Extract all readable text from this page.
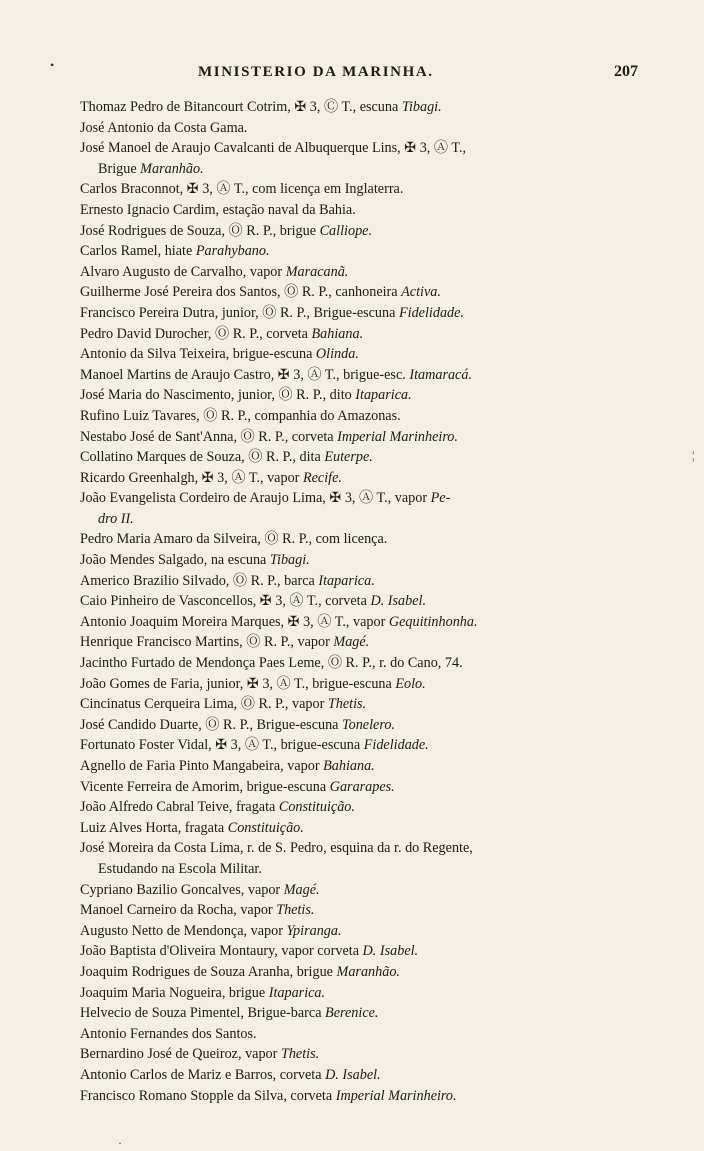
MINISTERIO DA MARINHA.	207
Thomaz Pedro de Bitancourt Cotrim, ✠ 3, Ⓒ T., escuna Tibagi.
José Antonio da Costa Gama.
José Manoel de Araujo Cavalcanti de Albuquerque Lins, ✠ 3, Ⓐ T.,
Brigue Maranhão.
Carlos Braconnot, ✠ 3, Ⓐ T., com licença em Inglaterra.
Ernesto Ignacio Cardim, estação naval da Bahia.
José Rodrigues de Souza, Ⓞ R. P., brigue Calliope.
Carlos Ramel, hiate Parahybano.
Alvaro Augusto de Carvalho, vapor Maracanã.
Guilherme José Pereira dos Santos, Ⓞ R. P., canhoneira Activa.
Francisco Pereira Dutra, junior, Ⓞ R. P., Brigue-escuna Fidelidade.
Pedro David Durocher, Ⓞ R. P., corveta Bahiana.
Antonio da Silva Teixeira, brigue-escuna Olinda.
Manoel Martins de Araujo Castro, ✠ 3, Ⓐ T., brigue-esc. Itamaracá.
José Maria do Nascimento, junior, Ⓞ R. P., dito Itaparica.
Rufino Luiz Tavares, Ⓞ R. P., companhia do Amazonas.
Nestabo José de Sant'Anna, Ⓞ R. P., corveta Imperial Marinheiro.
Collatino Marques de Souza, Ⓞ R. P., dita Euterpe.
Ricardo Greenhalgh, ✠ 3, Ⓐ T., vapor Recife.
João Evangelista Cordeiro de Araujo Lima, ✠ 3, Ⓐ T., vapor Pe-
dro II.
Pedro Maria Amaro da Silveira, Ⓞ R. P., com licença.
João Mendes Salgado, na escuna Tibagi.
Americo Brazilio Silvado, Ⓞ R. P., barca Itaparica.
Caio Pinheiro de Vasconcellos, ✠ 3, Ⓐ T., corveta D. Isabel.
Antonio Joaquim Moreira Marques, ✠ 3, Ⓐ T., vapor Gequitinhonha.
Henrique Francisco Martins, Ⓞ R. P., vapor Magé.
Jacintho Furtado de Mendonça Paes Leme, Ⓞ R. P., r. do Cano, 74.
João Gomes de Faria, junior, ✠ 3, Ⓐ T., brigue-escuna Eolo.
Cincinatus Cerqueira Lima, Ⓞ R. P., vapor Thetis.
José Candido Duarte, Ⓞ R. P., Brigue-escuna Tonelero.
Fortunato Foster Vidal, ✠ 3, Ⓐ T., brigue-escuna Fidelidade.
Agnello de Faria Pinto Mangabeira, vapor Bahiana.
Vicente Ferreira de Amorim, brigue-escuna Gararapes.
João Alfredo Cabral Teive, fragata Constituição.
Luiz Alves Horta, fragata Constituição.
José Moreira da Costa Lima, r. de S. Pedro, esquina da r. do Regente,
Estudando na Escola Militar.
Cypriano Bazilio Goncalves, vapor Magé.
Manoel Carneiro da Rocha, vapor Thetis.
Augusto Netto de Mendonça, vapor Ypiranga.
João Baptista d'Oliveira Montaury, vapor corveta D. Isabel.
Joaquim Rodrigues de Souza Aranha, brigue Maranhão.
Joaquim Maria Nogueira, brigue Itaparica.
Helvecio de Souza Pimentel, Brigue-barca Berenice.
Antonio Fernandes dos Santos.
Bernardino José de Queiroz, vapor Thetis.
Antonio Carlos de Mariz e Barros, corveta D. Isabel.
Francisco Romano Stopple da Silva, corveta Imperial Marinheiro.
•
¦
·
